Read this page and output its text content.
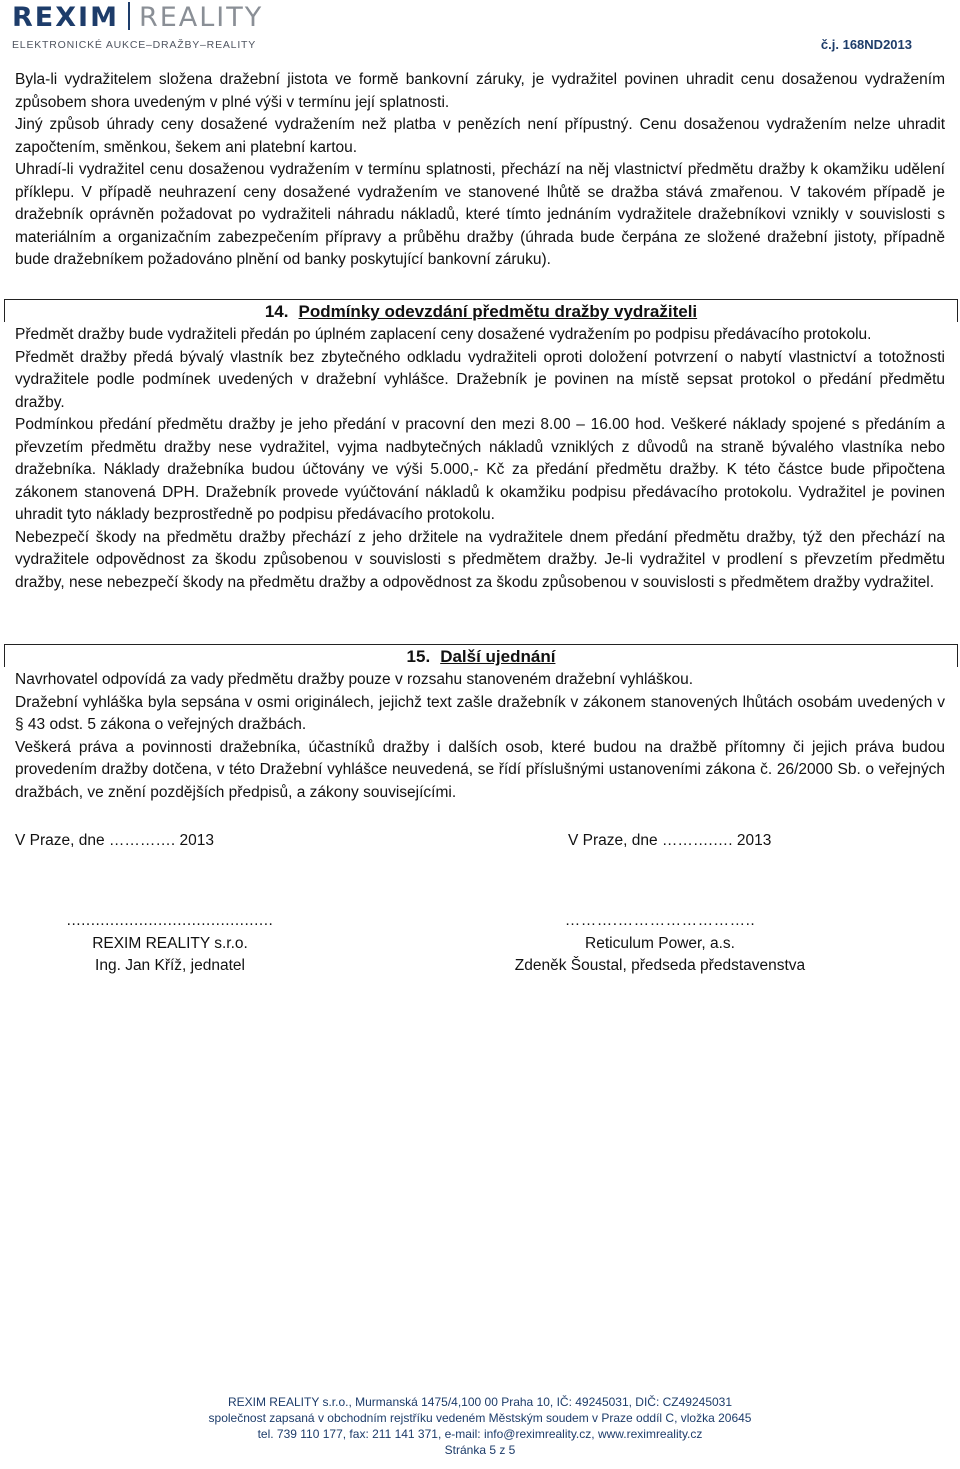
REXIM REALITY
ELEKTRONICKÉ AUKCE–DRAŽBY–REALITY	č.j. 168ND2013

Byla-li vydražitelem složena dražební jistota ve formě bankovní záruky, je vydražitel povinen uhradit cenu dosaženou vydražením způsobem shora uvedeným v plné výši v termínu její splatnosti.

Jiný způsob úhrady ceny dosažené vydražením než platba v penězích není přípustný. Cenu dosaženou vydražením nelze uhradit započtením, směnkou, šekem ani platební kartou.

Uhradí-li vydražitel cenu dosaženou vydražením v termínu splatnosti, přechází na něj vlastnictví předmětu dražby k okamžiku udělení příklepu. V případě neuhrazení ceny dosažené vydražením ve stanovené lhůtě se dražba stává zmařenou. V takovém případě je dražebník oprávněn požadovat po vydražiteli náhradu nákladů, které tímto jednáním vydražitele dražebníkovi vznikly v souvislosti s materiálním a organizačním zabezpečením přípravy a průběhu dražby (úhrada bude čerpána ze složené dražební jistoty, případně bude dražebníkem požadováno plnění od banky poskytující bankovní záruku).

14. Podmínky odevzdání předmětu dražby vydražiteli

Předmět dražby bude vydražiteli předán po úplném zaplacení ceny dosažené vydražením po podpisu předávacího protokolu.

Předmět dražby předá bývalý vlastník bez zbytečného odkladu vydražiteli oproti doložení potvrzení o nabytí vlastnictví a totožnosti vydražitele podle podmínek uvedených v dražební vyhlášce. Dražebník je povinen na místě sepsat protokol o předání předmětu dražby.

Podmínkou předání předmětu dražby je jeho předání v pracovní den mezi 8.00 – 16.00 hod. Veškeré náklady spojené s předáním a převzetím předmětu dražby nese vydražitel, vyjma nadbytečných nákladů vzniklých z důvodů na straně bývalého vlastníka nebo dražebníka. Náklady dražebníka budou účtovány ve výši 5.000,- Kč za předání předmětu dražby. K této částce bude připočtena zákonem stanovená DPH. Dražebník provede vyúčtování nákladů k okamžiku podpisu předávacího protokolu. Vydražitel je povinen uhradit tyto náklady bezprostředně po podpisu předávacího protokolu.

Nebezpečí škody na předmětu dražby přechází z jeho držitele na vydražitele dnem předání předmětu dražby, týž den přechází na vydražitele odpovědnost za škodu způsobenou v souvislosti s předmětem dražby. Je-li vydražitel v prodlení s převzetím předmětu dražby, nese nebezpečí škody na předmětu dražby a odpovědnost za škodu způsobenou v souvislosti s předmětem dražby vydražitel.

15. Další ujednání

Navrhovatel odpovídá za vady předmětu dražby pouze v rozsahu stanoveném dražební vyhláškou.

Dražební vyhláška byla sepsána v osmi originálech, jejichž text zašle dražebník v zákonem stanovených lhůtách osobám uvedených v § 43 odst. 5 zákona o veřejných dražbách.

Veškerá práva a povinnosti dražebníka, účastníků dražby i dalších osob, které budou na dražbě přítomny či jejich práva budou provedením dražby dotčena, v této Dražební vyhlášce neuvedená, se řídí příslušnými ustanoveními zákona č. 26/2000 Sb. o veřejných dražbách, ve znění pozdějších předpisů, a zákony souvisejícími.

V Praze, dne …………. 2013	V Praze, dne ……….…. 2013
...........................................
REXIM REALITY s.r.o.
Ing. Jan Kříž, jednatel
……….……………………..
Reticulum Power, a.s.
Zdeněk Šoustal, předseda představenstva
REXIM REALITY s.r.o., Murmanská 1475/4,100 00 Praha 10, IČ: 49245031, DIČ: CZ49245031
společnost zapsaná v obchodním rejstříku vedeném Městským soudem v Praze oddíl C, vložka 20645
tel. 739 110 177, fax: 211 141 371, e-mail: info@reximreality.cz, www.reximreality.cz
Stránka 5 z 5
